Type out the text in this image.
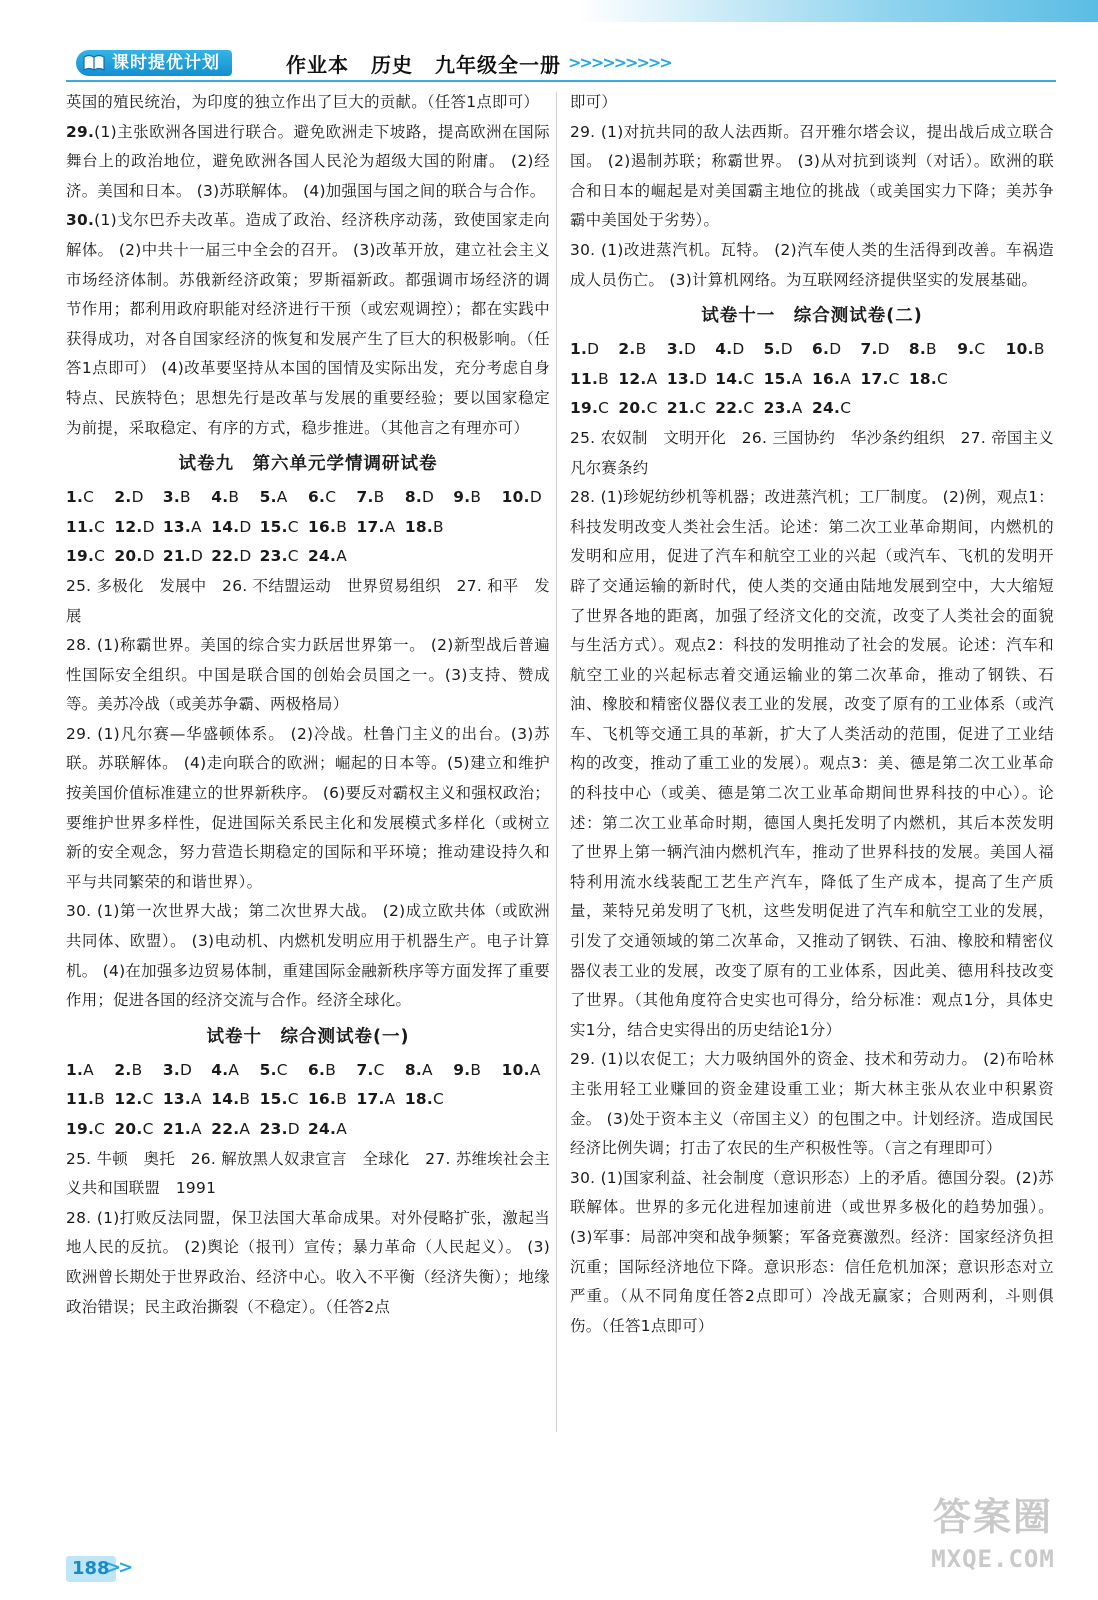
课时提优计划	作业本 历史 九年级全一册 >>>>>>>>>

英国的殖民统治，为印度的独立作出了巨大的贡献。（任答1点即可）

29.(1)主张欧洲各国进行联合。避免欧洲走下坡路，提高欧洲在国际舞台上的政治地位，避免欧洲各国人民沦为超级大国的附庸。 (2)经济。美国和日本。 (3)苏联解体。 (4)加强国与国之间的联合与合作。

30.(1)戈尔巴乔夫改革。造成了政治、经济秩序动荡，致使国家走向解体。 (2)中共十一届三中全会的召开。 (3)改革开放，建立社会主义市场经济体制。苏俄新经济政策；罗斯福新政。都强调市场经济的调节作用；都利用政府职能对经济进行干预（或宏观调控）；都在实践中获得成功，对各自国家经济的恢复和发展产生了巨大的积极影响。（任答1点即可） (4)改革要坚持从本国的国情及实际出发，充分考虑自身特点、民族特色；思想先行是改革与发展的重要经验；要以国家稳定为前提，采取稳定、有序的方式，稳步推进。（其他言之有理亦可）

试卷九　第六单元学情调研试卷
1.C	2.D	3.B	4.B	5.A	6.C	7.B	8.D	9.B	10.D
11.C 12.D 13.A 14.D 15.C 16.B 17.A 18.B
19.C 20.D 21.D 22.D 23.C 24.A

25. 多极化　发展中　26. 不结盟运动　世界贸易组织　27. 和平　发展

28. (1)称霸世界。美国的综合实力跃居世界第一。 (2)新型战后普遍性国际安全组织。中国是联合国的创始会员国之一。(3)支持、赞成等。美苏冷战（或美苏争霸、两极格局）

29. (1)凡尔赛—华盛顿体系。 (2)冷战。杜鲁门主义的出台。(3)苏联。苏联解体。 (4)走向联合的欧洲；崛起的日本等。(5)建立和维护按美国价值标准建立的世界新秩序。 (6)要反对霸权主义和强权政治；要维护世界多样性，促进国际关系民主化和发展模式多样化（或树立新的安全观念，努力营造长期稳定的国际和平环境；推动建设持久和平与共同繁荣的和谐世界）。

30. (1)第一次世界大战；第二次世界大战。 (2)成立欧共体（或欧洲共同体、欧盟）。 (3)电动机、内燃机发明应用于机器生产。电子计算机。 (4)在加强多边贸易体制，重建国际金融新秩序等方面发挥了重要作用；促进各国的经济交流与合作。经济全球化。

试卷十　综合测试卷(一)
1.A	2.B	3.D	4.A	5.C	6.B	7.C	8.A	9.B	10.A
11.B 12.C 13.A 14.B 15.C 16.B 17.A 18.C
19.C 20.C 21.A 22.A 23.D 24.A

25. 牛顿　奥托　26. 解放黑人奴隶宣言　全球化　27. 苏维埃社会主义共和国联盟　1991

28. (1)打败反法同盟，保卫法国大革命成果。对外侵略扩张，激起当地人民的反抗。 (2)舆论（报刊）宣传；暴力革命（人民起义）。 (3)欧洲曾长期处于世界政治、经济中心。收入不平衡（经济失衡）；地缘政治错误；民主政治撕裂（不稳定）。（任答2点

即可）

29. (1)对抗共同的敌人法西斯。召开雅尔塔会议，提出战后成立联合国。 (2)遏制苏联；称霸世界。 (3)从对抗到谈判（对话）。欧洲的联合和日本的崛起是对美国霸主地位的挑战（或美国实力下降；美苏争霸中美国处于劣势）。

30. (1)改进蒸汽机。瓦特。 (2)汽车使人类的生活得到改善。车祸造成人员伤亡。 (3)计算机网络。为互联网经济提供坚实的发展基础。

试卷十一　综合测试卷(二)
1.D	2.B	3.D	4.D	5.D	6.D	7.D	8.B	9.C	10.B
11.B 12.A 13.D 14.C 15.A 16.A 17.C 18.C
19.C 20.C 21.C 22.C 23.A 24.C

25. 农奴制　文明开化　26. 三国协约　华沙条约组织　27. 帝国主义　凡尔赛条约

28. (1)珍妮纺纱机等机器；改进蒸汽机；工厂制度。 (2)例，观点1：科技发明改变人类社会生活。论述：第二次工业革命期间，内燃机的发明和应用，促进了汽车和航空工业的兴起（或汽车、飞机的发明开辟了交通运输的新时代，使人类的交通由陆地发展到空中，大大缩短了世界各地的距离，加强了经济文化的交流，改变了人类社会的面貌与生活方式）。观点2：科技的发明推动了社会的发展。论述：汽车和航空工业的兴起标志着交通运输业的第二次革命，推动了钢铁、石油、橡胶和精密仪器仪表工业的发展，改变了原有的工业体系（或汽车、飞机等交通工具的革新，扩大了人类活动的范围，促进了工业结构的改变，推动了重工业的发展）。观点3：美、德是第二次工业革命的科技中心（或美、德是第二次工业革命期间世界科技的中心）。论述：第二次工业革命时期，德国人奥托发明了内燃机，其后本茨发明了世界上第一辆汽油内燃机汽车，推动了世界科技的发展。美国人福特利用流水线装配工艺生产汽车，降低了生产成本，提高了生产质量，莱特兄弟发明了飞机，这些发明促进了汽车和航空工业的发展，引发了交通领域的第二次革命，又推动了钢铁、石油、橡胶和精密仪器仪表工业的发展，改变了原有的工业体系，因此美、德用科技改变了世界。（其他角度符合史实也可得分，给分标准：观点1分，具体史实1分，结合史实得出的历史结论1分）

29. (1)以农促工；大力吸纳国外的资金、技术和劳动力。 (2)布哈林主张用轻工业赚回的资金建设重工业；斯大林主张从农业中积累资金。 (3)处于资本主义（帝国主义）的包围之中。计划经济。造成国民经济比例失调；打击了农民的生产积极性等。（言之有理即可）

30. (1)国家利益、社会制度（意识形态）上的矛盾。德国分裂。(2)苏联解体。世界的多元化进程加速前进（或世界多极化的趋势加强）。 (3)军事：局部冲突和战争频繁；军备竞赛激烈。经济：国家经济负担沉重；国际经济地位下降。意识形态：信任危机加深；意识形态对立严重。（从不同角度任答2点即可）冷战无赢家；合则两利，斗则俱伤。（任答1点即可）

188
>>
答案圈
MXQE.COM
